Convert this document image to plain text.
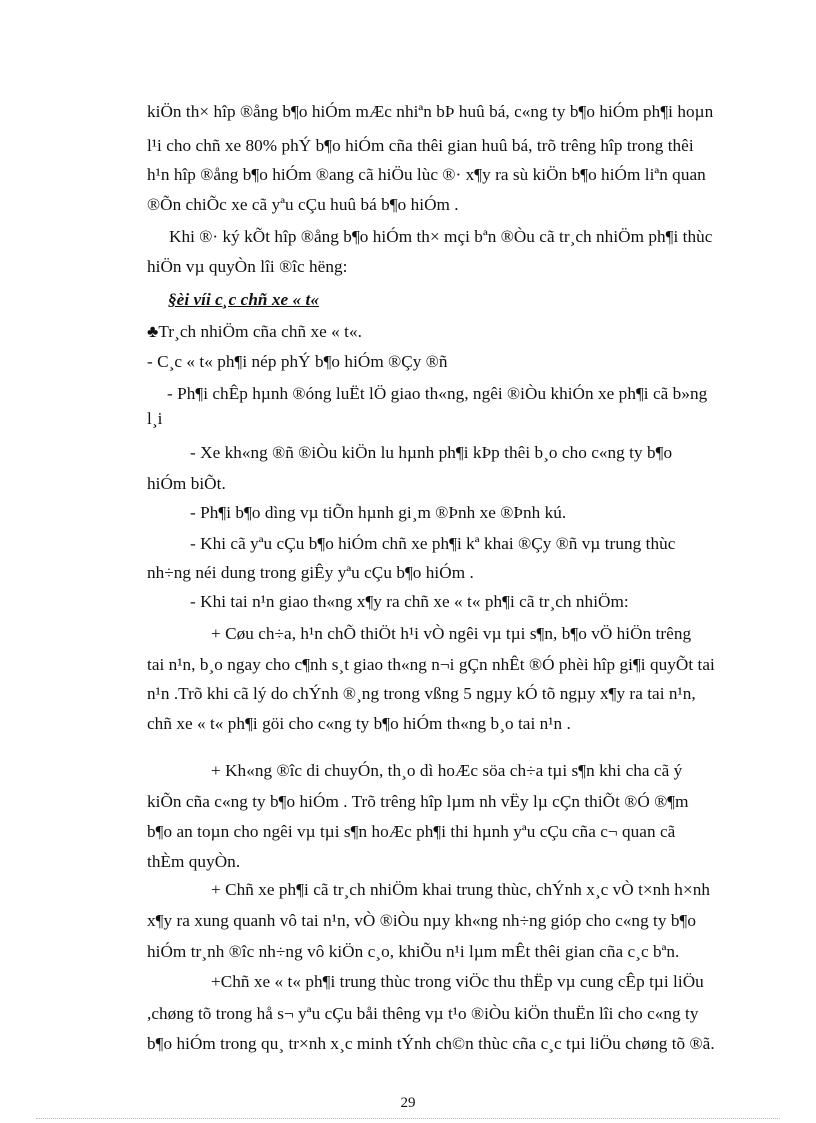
kiÖn th× hîp ®ång b¶o hiÓm mÆc nhiªn bÞ huû bá, c«ng ty b¶o hiÓm ph¶i hoµn
l¹i cho chñ xe 80% phÝ b¶o hiÓm cña thêi gian huû bá, trõ trêng hîp trong thêi
h¹n hîp ®ång b¶o hiÓm ®ang cã hiÖu lùc ®· x¶y ra sù kiÖn b¶o hiÓm liªn quan
®Õn chiÕc xe cã yªu cÇu huû bá b¶o hiÓm .
Khi ®· ký kÕt hîp ®ång b¶o hiÓm th× mçi bªn ®Òu cã tr¸ch nhiÖm ph¶i thùc
hiÖn vµ quyÒn lîi ®îc hëng:
§èi víi c¸c chñ xe « t«
♣Tr¸ch nhiÖm cña chñ xe « t«.
- C¸c « t« ph¶i nép phÝ b¶o hiÓm ®Çy ®ñ
- Ph¶i chÊp hµnh ®óng luËt lÖ giao th«ng, ngêi ®iÒu khiÓn xe ph¶i cã b»ng
l¸i
- Xe kh«ng ®ñ ®iÒu kiÖn lu hµnh ph¶i kÞp thêi b¸o cho c«ng ty b¶o
hiÓm biÕt.
- Ph¶i b¶o dìng vµ tiÕn hµnh gi¸m ®Þnh xe ®Þnh kú.
- Khi cã yªu cÇu b¶o hiÓm chñ xe ph¶i kª khai ®Çy ®ñ vµ trung thùc
nh÷ng néi dung trong giÊy yªu cÇu b¶o hiÓm .
- Khi tai n¹n giao th«ng x¶y ra chñ xe « t« ph¶i cã tr¸ch nhiÖm:
+ Cøu ch÷a, h¹n chÕ thiÖt h¹i vÒ ngêi vµ tµi s¶n, b¶o vÖ hiÖn trêng
tai n¹n, b¸o ngay cho c¶nh s¸t giao th«ng n¬i gÇn nhÊt ®Ó phèi hîp gi¶i quyÕt tai
n¹n .Trõ khi cã lý do chÝnh ®¸ng trong vßng 5 ngµy kÓ tõ ngµy x¶y ra tai n¹n,
chñ xe « t« ph¶i göi cho c«ng ty b¶o hiÓm th«ng b¸o tai n¹n .
+ Kh«ng ®îc di chuyÓn, th¸o dì hoÆc söa ch÷a tµi s¶n khi cha cã ý
kiÕn cña c«ng ty b¶o hiÓm . Trõ trêng hîp lµm nh vËy lµ cÇn thiÕt ®Ó ®¶m
b¶o an toµn cho ngêi vµ tµi s¶n hoÆc ph¶i thi hµnh yªu cÇu cña c¬ quan cã
thÈm quyÒn.
+ Chñ xe ph¶i cã tr¸ch nhiÖm khai trung thùc, chÝnh x¸c vÒ t×nh h×nh
x¶y ra xung quanh vô tai n¹n, vÒ ®iÒu nµy kh«ng nh÷ng gióp cho c«ng ty b¶o
hiÓm tr¸nh ®îc nh÷ng vô kiÖn c¸o, khiÕu n¹i lµm mÊt thêi gian cña c¸c bªn.
+Chñ xe « t« ph¶i trung thùc trong viÖc thu thËp vµ cung cÊp tµi liÖu
,chøng tõ trong hå s¬ yªu cÇu båi thêng vµ t¹o ®iÒu kiÖn thuËn lîi cho c«ng ty
b¶o hiÓm trong qu¸ tr×nh x¸c minh tÝnh ch©n thùc cña c¸c tµi liÖu chøng tõ ®ã.
29
